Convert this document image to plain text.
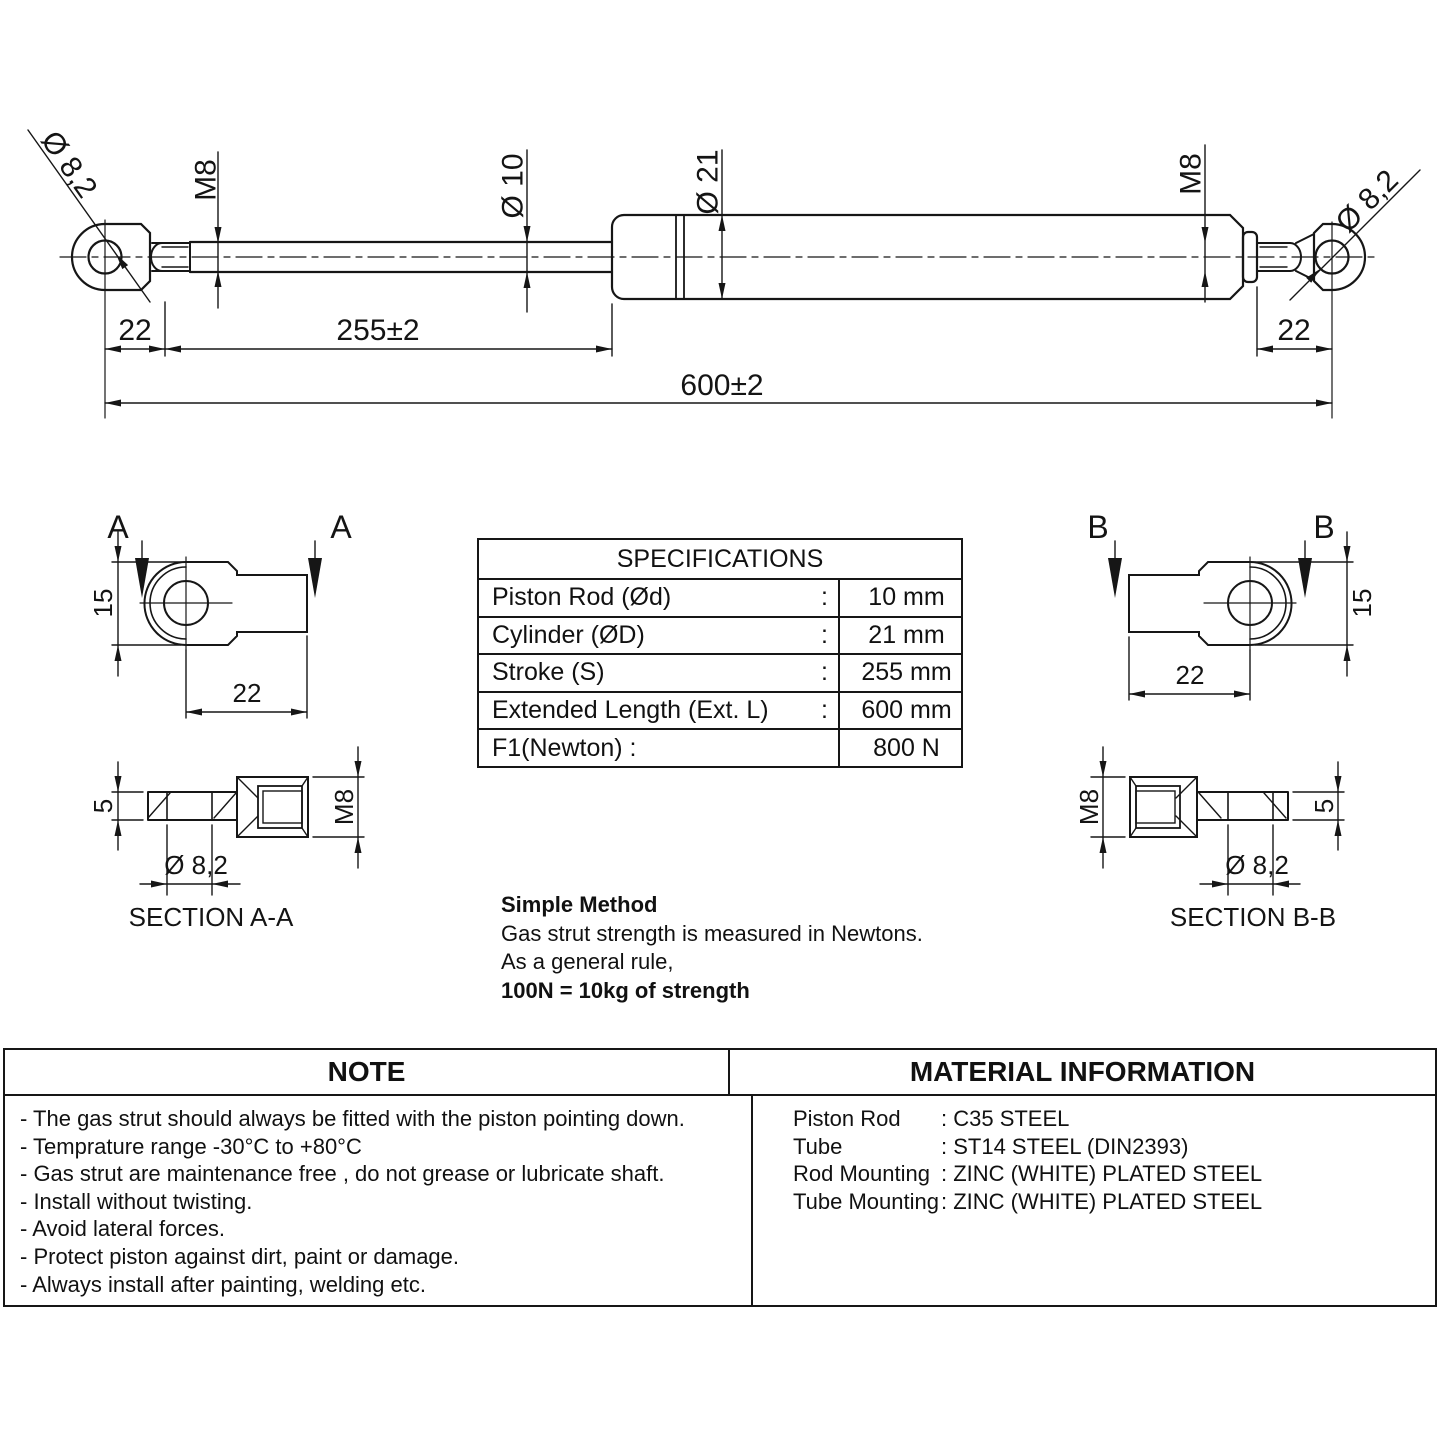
Ø 8,2	M8	Ø 10	Ø 21	M8	Ø 8,2
22	255±2	22
600±2
A	A
15
22
5	M8
Ø 8,2
SECTION A-A
B	B
15
22
M8	5
Ø 8,2
SECTION B-B
SPECIFICATIONS
Piston Rod (Ød)	:	10 mm
Cylinder (ØD)	:	21 mm
Stroke (S)	:	255 mm
Extended Length (Ext. L) :	600 mm
F1(Newton) :	800 N
Simple Method
Gas strut strength is measured in Newtons.
As a general rule,
100N = 10kg of strength
NOTE	MATERIAL INFORMATION
- The gas strut should always be fitted with the piston pointing down.
- Temprature range -30°C to +80°C
- Gas strut are maintenance free , do not grease or lubricate shaft.
- Install without twisting.
- Avoid lateral forces.
- Protect piston against dirt, paint or damage.
- Always install after painting, welding etc.
Piston Rod	: C35 STEEL
Tube	: ST14 STEEL (DIN2393)
Rod Mounting : ZINC (WHITE) PLATED STEEL
Tube Mounting : ZINC (WHITE) PLATED STEEL
